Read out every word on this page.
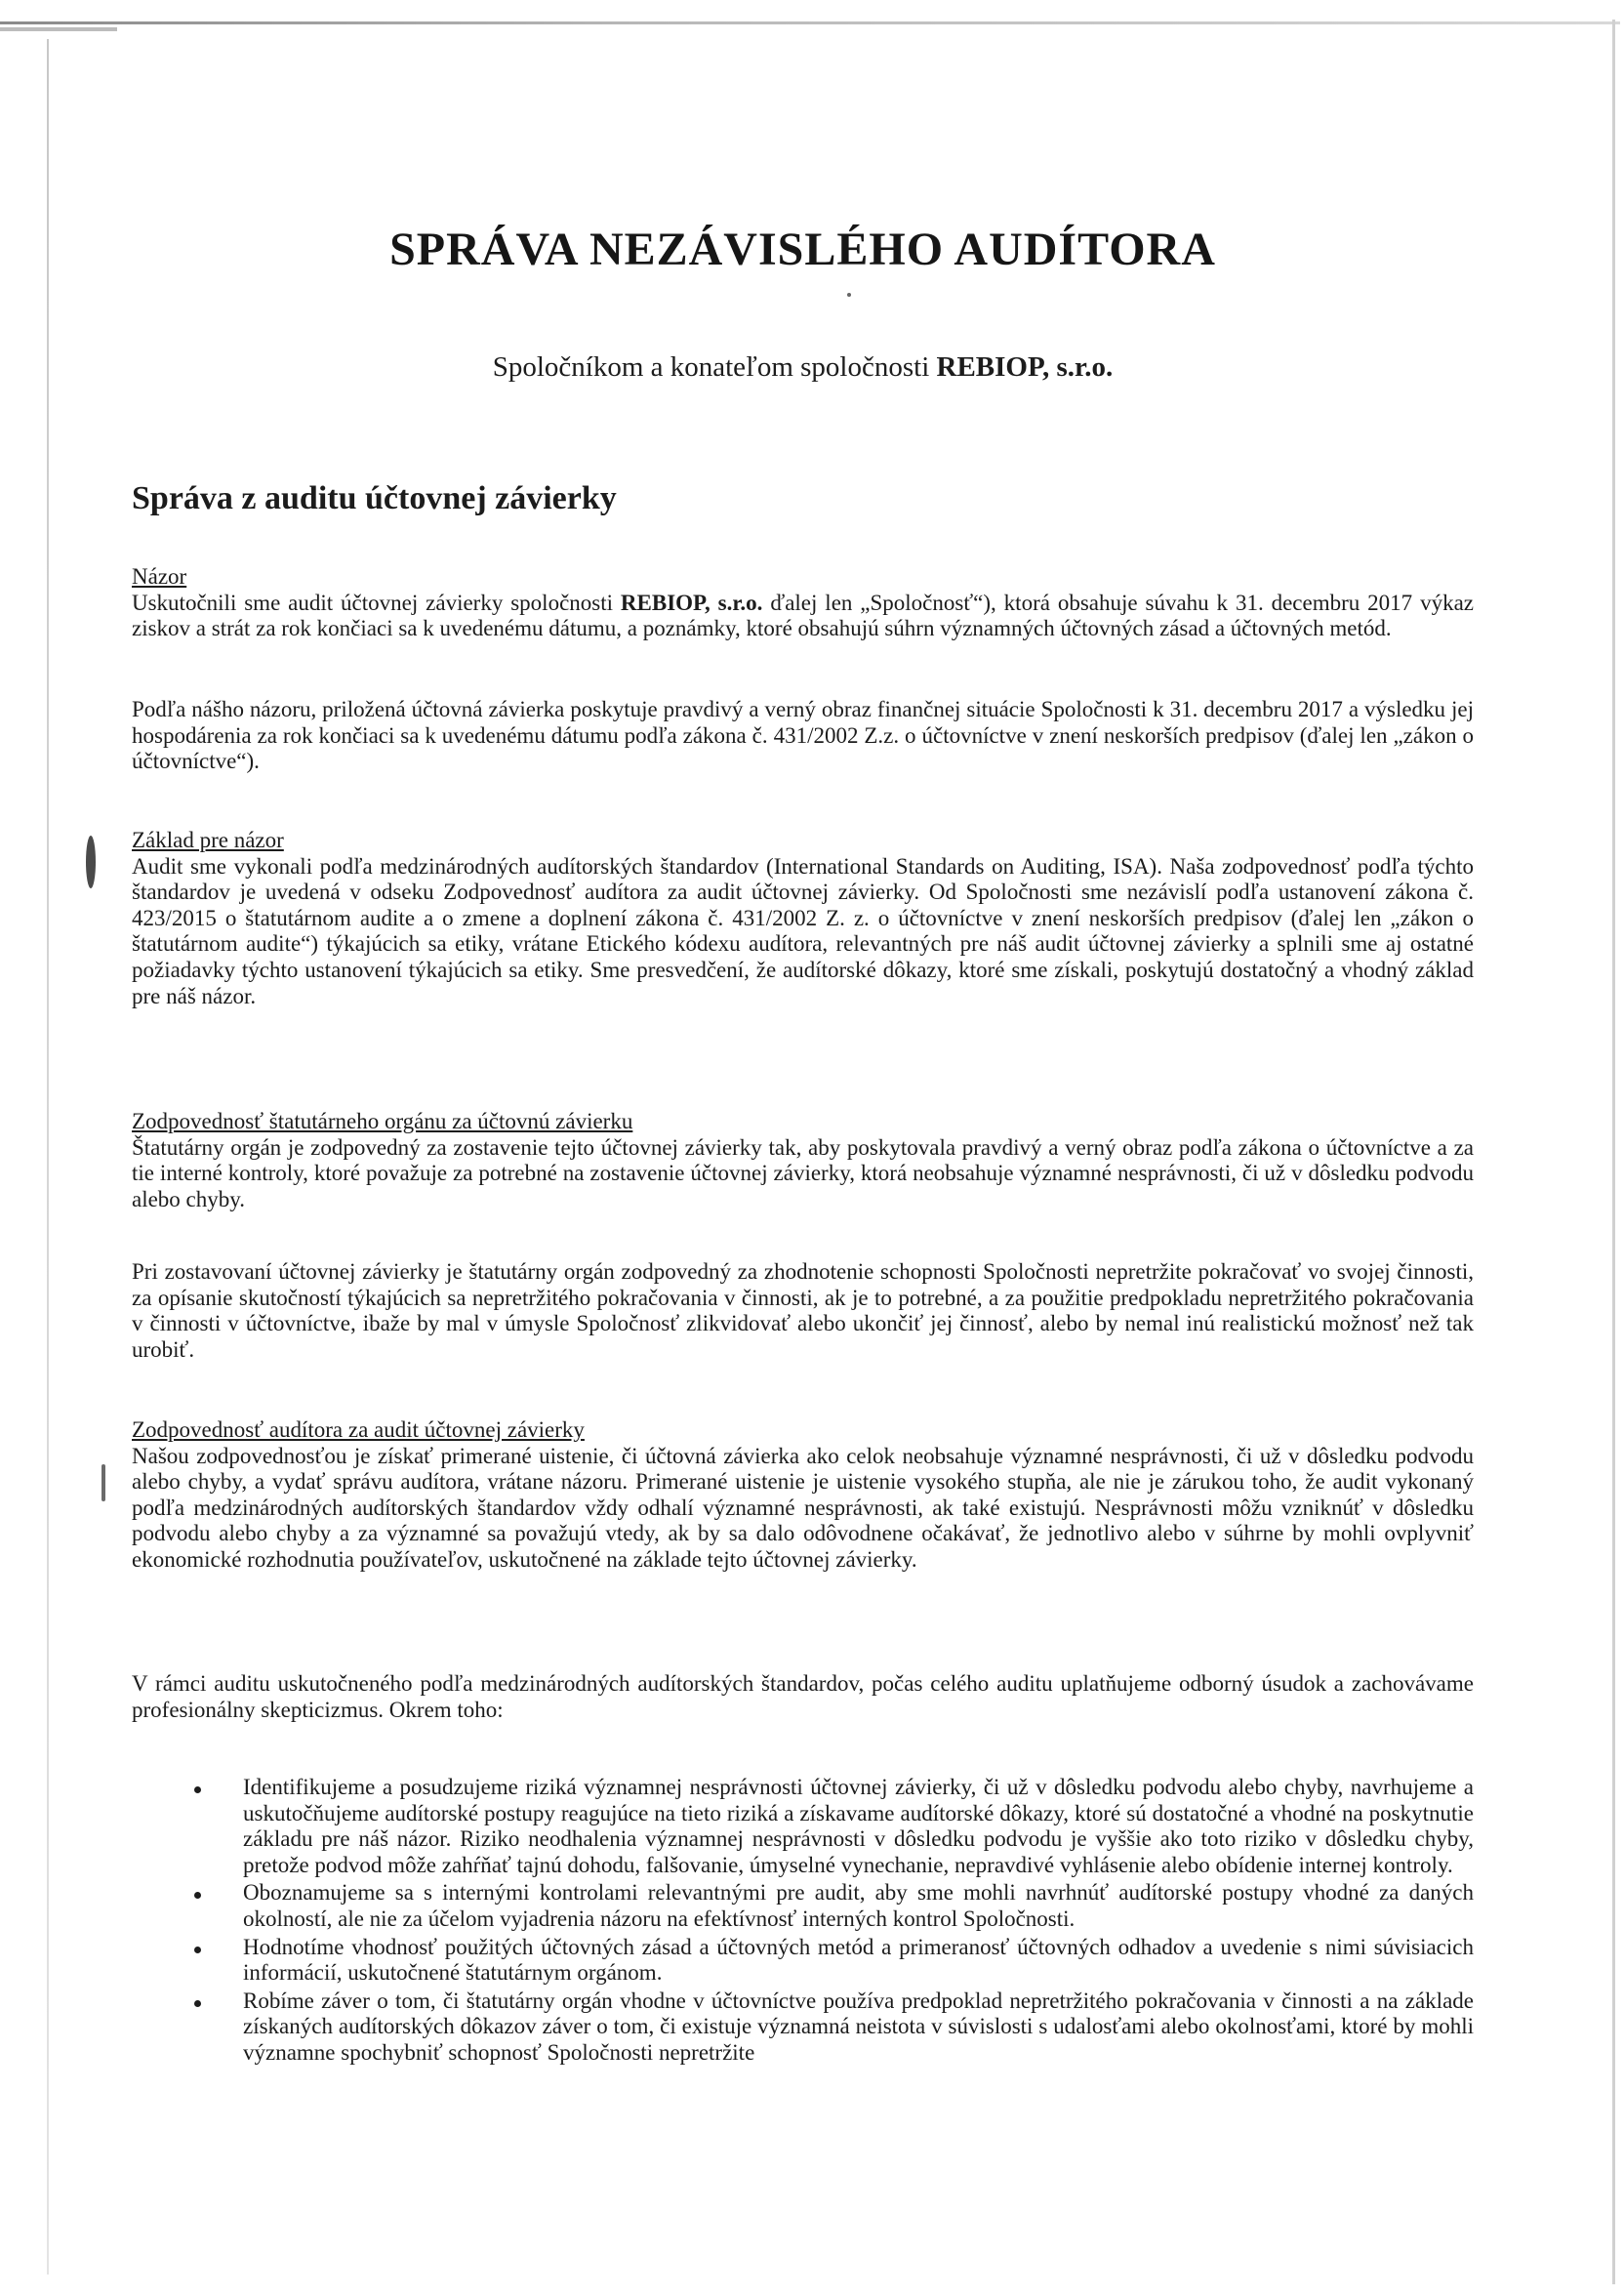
SPRÁVA NEZÁVISLÉHO AUDÍTORA
Spoločníkom a konateľom spoločnosti REBIOP, s.r.o.
Správa z auditu účtovnej závierky
Názor
Uskutočnili sme audit účtovnej závierky spoločnosti REBIOP, s.r.o. ďalej len „Spoločnosť“), ktorá obsahuje súvahu k 31. decembru 2017 výkaz ziskov a strát za rok končiaci sa k uvedenému dátumu, a poznámky, ktoré obsahujú súhrn významných účtovných zásad a účtovných metód.
Podľa nášho názoru, priložená účtovná závierka poskytuje pravdivý a verný obraz finančnej situácie Spoločnosti k 31. decembru 2017 a výsledku jej hospodárenia za rok končiaci sa k uvedenému dátumu podľa zákona č. 431/2002 Z.z. o účtovníctve v znení neskorších predpisov (ďalej len „zákon o účtovníctve“).
Základ pre názor
Audit sme vykonali podľa medzinárodných audítorských štandardov (International Standards on Auditing, ISA). Naša zodpovednosť podľa týchto štandardov je uvedená v odseku Zodpovednosť audítora za audit účtovnej závierky. Od Spoločnosti sme nezávislí podľa ustanovení zákona č. 423/2015 o štatutárnom audite a o zmene a doplnení zákona č. 431/2002 Z. z. o účtovníctve v znení neskorších predpisov (ďalej len „zákon o štatutárnom audite“) týkajúcich sa etiky, vrátane Etického kódexu audítora, relevantných pre náš audit účtovnej závierky a splnili sme aj ostatné požiadavky týchto ustanovení týkajúcich sa etiky. Sme presvedčení, že audítorské dôkazy, ktoré sme získali, poskytujú dostatočný a vhodný základ pre náš názor.
Zodpovednosť štatutárneho orgánu za účtovnú závierku
Štatutárny orgán je zodpovedný za zostavenie tejto účtovnej závierky tak, aby poskytovala pravdivý a verný obraz podľa zákona o účtovníctve a za tie interné kontroly, ktoré považuje za potrebné na zostavenie účtovnej závierky, ktorá neobsahuje významné nesprávnosti, či už v dôsledku podvodu alebo chyby.
Pri zostavovaní účtovnej závierky je štatutárny orgán zodpovedný za zhodnotenie schopnosti Spoločnosti nepretržite pokračovať vo svojej činnosti, za opísanie skutočností týkajúcich sa nepretržitého pokračovania v činnosti, ak je to potrebné, a za použitie predpokladu nepretržitého pokračovania v činnosti v účtovníctve, ibaže by mal v úmysle Spoločnosť zlikvidovať alebo ukončiť jej činnosť, alebo by nemal inú realistickú možnosť než tak urobiť.
Zodpovednosť audítora za audit účtovnej závierky
Našou zodpovednosťou je získať primerané uistenie, či účtovná závierka ako celok neobsahuje významné nesprávnosti, či už v dôsledku podvodu alebo chyby, a vydať správu audítora, vrátane názoru. Primerané uistenie je uistenie vysokého stupňa, ale nie je zárukou toho, že audit vykonaný podľa medzinárodných audítorských štandardov vždy odhalí významné nesprávnosti, ak také existujú. Nesprávnosti môžu vzniknúť v dôsledku podvodu alebo chyby a za významné sa považujú vtedy, ak by sa dalo odôvodnene očakávať, že jednotlivo alebo v súhrne by mohli ovplyvniť ekonomické rozhodnutia používateľov, uskutočnené na základe tejto účtovnej závierky.
V rámci auditu uskutočneného podľa medzinárodných audítorských štandardov, počas celého auditu uplatňujeme odborný úsudok a zachovávame profesionálny skepticizmus. Okrem toho:
Identifikujeme a posudzujeme riziká významnej nesprávnosti účtovnej závierky, či už v dôsledku podvodu alebo chyby, navrhujeme a uskutočňujeme audítorské postupy reagujúce na tieto riziká a získavame audítorské dôkazy, ktoré sú dostatočné a vhodné na poskytnutie základu pre náš názor. Riziko neodhalenia významnej nesprávnosti v dôsledku podvodu je vyššie ako toto riziko v dôsledku chyby, pretože podvod môže zahŕňať tajnú dohodu, falšovanie, úmyselné vynechanie, nepravdivé vyhlásenie alebo obídenie internej kontroly.
Oboznamujeme sa s internými kontrolami relevantnými pre audit, aby sme mohli navrhnúť audítorské postupy vhodné za daných okolností, ale nie za účelom vyjadrenia názoru na efektívnosť interných kontrol Spoločnosti.
Hodnotíme vhodnosť použitých účtovných zásad a účtovných metód a primeranosť účtovných odhadov a uvedenie s nimi súvisiacich informácií, uskutočnené štatutárnym orgánom.
Robíme záver o tom, či štatutárny orgán vhodne v účtovníctve používa predpoklad nepretržitého pokračovania v činnosti a na základe získaných audítorských dôkazov záver o tom, či existuje významná neistota v súvislosti s udalosťami alebo okolnosťami, ktoré by mohli významne spochybniť schopnosť Spoločnosti nepretržite
